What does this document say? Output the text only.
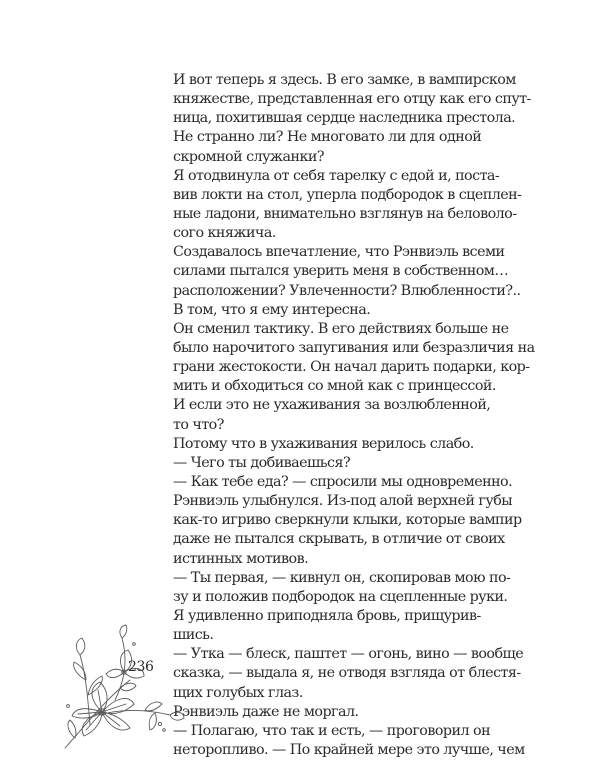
236
И вот теперь я здесь. В его замке, в вампирском
княжестве, представленная его отцу как его спут-
ница, похитившая сердце наследника престола.
Не странно ли? Не многовато ли для одной
скромной служанки?
Я отодвинула от себя тарелку с едой и, поста-
вив локти на стол, уперла подбородок в сцеплен-
ные ладони, внимательно взглянув на беловоло-
сого княжича.
Создавалось впечатление, что Рэнвиэль всеми
силами пытался уверить меня в собственном…
расположении? Увлеченности? Влюбленности?..
В том, что я ему интересна.
Он сменил тактику. В его действиях больше не
было нарочитого запугивания или безразличия на
грани жестокости. Он начал дарить подарки, кор-
мить и обходиться со мной как с принцессой.
И если это не ухаживания за возлюбленной,
то что?
Потому что в ухаживания верилось слабо.
— Чего ты добиваешься?
— Как тебе еда? — спросили мы одновременно.
Рэнвиэль улыбнулся. Из-под алой верхней губы
как-то игриво сверкнули клыки, которые вампир
даже не пытался скрывать, в отличие от своих
истинных мотивов.
— Ты первая, — кивнул он, скопировав мою по-
зу и положив подбородок на сцепленные руки.
Я удивленно приподняла бровь, прищурив-
шись.
— Утка — блеск, паштет — огонь, вино — вообще
сказка, — выдала я, не отводя взгляда от блестя-
щих голубых глаз.
Рэнвиэль даже не моргал.
— Полагаю, что так и есть, — проговорил он
неторопливо. — По крайней мере это лучше, чем
